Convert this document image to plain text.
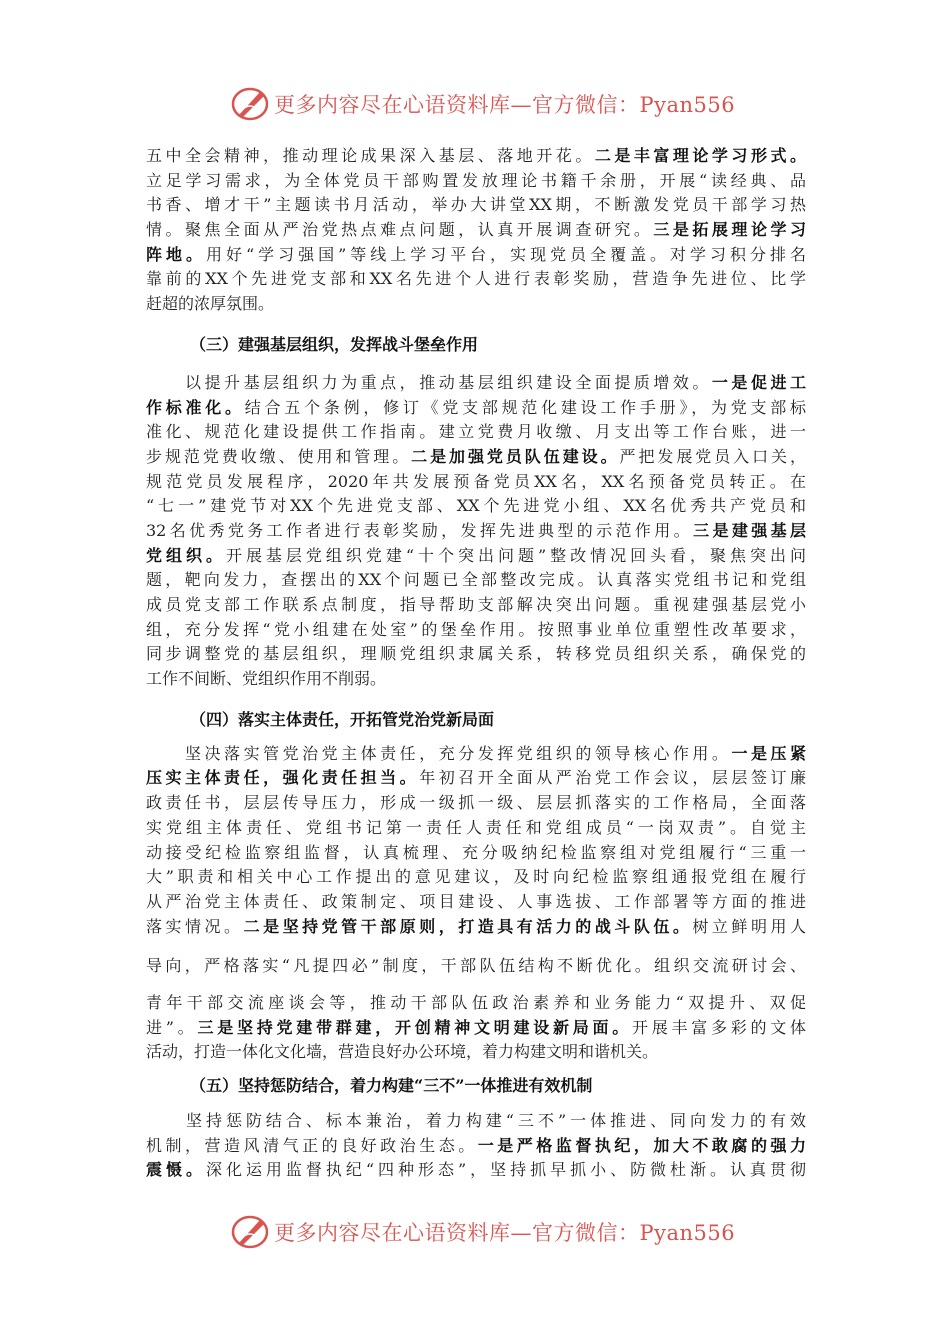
更多内容尽在心语资料库—官方微信：Pyan556

五中全会精神，推动理论成果深入基层、落地开花。二是丰富理论学习形式。

立足学习需求，为全体党员干部购置发放理论书籍千余册，开展“读经典、品

书香、增才干”主题读书月活动，举办大讲堂XX期，不断激发党员干部学习热

情。聚焦全面从严治党热点难点问题，认真开展调查研究。三是拓展理论学习

阵地。用好“学习强国”等线上学习平台，实现党员全覆盖。对学习积分排名

靠前的XX个先进党支部和XX名先进个人进行表彰奖励，营造争先进位、比学

赶超的浓厚氛围。

（三）建强基层组织，发挥战斗堡垒作用

　　以提升基层组织力为重点，推动基层组织建设全面提质增效。一是促进工

作标准化。结合五个条例，修订《党支部规范化建设工作手册》，为党支部标

准化、规范化建设提供工作指南。建立党费月收缴、月支出等工作台账，进一

步规范党费收缴、使用和管理。二是加强党员队伍建设。严把发展党员入口关，

规范党员发展程序，2020年共发展预备党员XX名，XX名预备党员转正。在

“七一”建党节对XX个先进党支部、XX个先进党小组、XX名优秀共产党员和

32名优秀党务工作者进行表彰奖励，发挥先进典型的示范作用。三是建强基层

党组织。开展基层党组织党建“十个突出问题”整改情况回头看，聚焦突出问

题，靶向发力，查摆出的XX个问题已全部整改完成。认真落实党组书记和党组

成员党支部工作联系点制度，指导帮助支部解决突出问题。重视建强基层党小

组，充分发挥“党小组建在处室”的堡垒作用。按照事业单位重塑性改革要求，

同步调整党的基层组织，理顺党组织隶属关系，转移党员组织关系，确保党的

工作不间断、党组织作用不削弱。

（四）落实主体责任，开拓管党治党新局面

　　坚决落实管党治党主体责任，充分发挥党组织的领导核心作用。一是压紧

压实主体责任，强化责任担当。年初召开全面从严治党工作会议，层层签订廉

政责任书，层层传导压力，形成一级抓一级、层层抓落实的工作格局，全面落

实党组主体责任、党组书记第一责任人责任和党组成员“一岗双责”。自觉主

动接受纪检监察组监督，认真梳理、充分吸纳纪检监察组对党组履行“三重一

大”职责和相关中心工作提出的意见建议，及时向纪检监察组通报党组在履行

从严治党主体责任、政策制定、项目建设、人事选拔、工作部署等方面的推进

落实情况。二是坚持党管干部原则，打造具有活力的战斗队伍。树立鲜明用人

导向，严格落实“凡提四必”制度，干部队伍结构不断优化。组织交流研讨会、

青年干部交流座谈会等，推动干部队伍政治素养和业务能力“双提升、双促

进”。三是坚持党建带群建，开创精神文明建设新局面。开展丰富多彩的文体

活动，打造一体化文化墙，营造良好办公环境，着力构建文明和谐机关。

（五）坚持惩防结合，着力构建“三不”一体推进有效机制

　　坚持惩防结合、标本兼治，着力构建“三不”一体推进、同向发力的有效

机制，营造风清气正的良好政治生态。一是严格监督执纪，加大不敢腐的强力

震慑。深化运用监督执纪“四种形态”，坚持抓早抓小、防微杜渐。认真贯彻

更多内容尽在心语资料库—官方微信：Pyan556
